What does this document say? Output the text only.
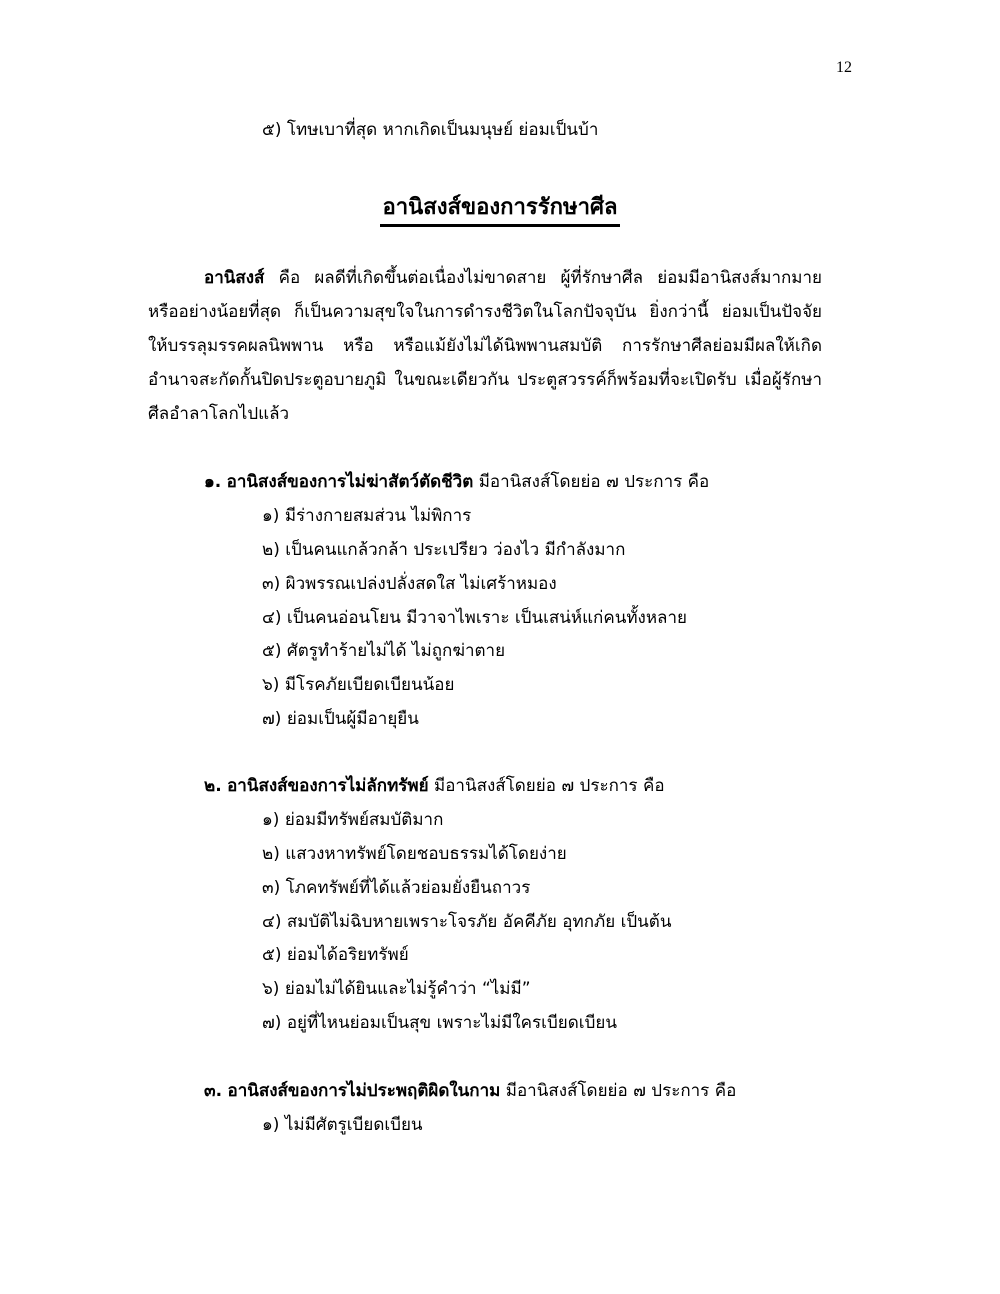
12
๕) โทษเบาที่สุด หากเกิดเป็นมนุษย์ ย่อมเป็นบ้า
อานิสงส์ของการรักษาศีล
อานิสงส์ คือ ผลดีที่เกิดขึ้นต่อเนื่องไม่ขาดสาย ผู้ที่รักษาศีล ย่อมมีอานิสงส์มากมาย
หรืออย่างน้อยที่สุด ก็เป็นความสุขใจในการดำรงชีวิตในโลกปัจจุบัน ยิ่งกว่านี้ ย่อมเป็นปัจจัย
ให้บรรลุมรรคผลนิพพาน หรือ หรือแม้ยังไม่ได้นิพพานสมบัติ การรักษาศีลย่อมมีผลให้เกิด
อำนาจสะกัดกั้นปิดประตูอบายภูมิ ในขณะเดียวกัน ประตูสวรรค์ก็พร้อมที่จะเปิดรับ เมื่อผู้รักษา
ศีลอำลาโลกไปแล้ว
๑. อานิสงส์ของการไม่ฆ่าสัตว์ตัดชีวิต มีอานิสงส์โดยย่อ ๗ ประการ คือ
๑) มีร่างกายสมส่วน ไม่พิการ
๒) เป็นคนแกล้วกล้า ประเปรียว ว่องไว มีกำลังมาก
๓) ผิวพรรณเปล่งปลั่งสดใส ไม่เศร้าหมอง
๔) เป็นคนอ่อนโยน มีวาจาไพเราะ เป็นเสน่ห์แก่คนทั้งหลาย
๕) ศัตรูทำร้ายไม่ได้ ไม่ถูกฆ่าตาย
๖) มีโรคภัยเบียดเบียนน้อย
๗) ย่อมเป็นผู้มีอายุยืน
๒. อานิสงส์ของการไม่ลักทรัพย์ มีอานิสงส์โดยย่อ ๗ ประการ คือ
๑) ย่อมมีทรัพย์สมบัติมาก
๒) แสวงหาทรัพย์โดยชอบธรรมได้โดยง่าย
๓) โภคทรัพย์ที่ได้แล้วย่อมยั่งยืนถาวร
๔) สมบัติไม่ฉิบหายเพราะโจรภัย อัคคีภัย อุทกภัย เป็นต้น
๕) ย่อมได้อริยทรัพย์
๖) ย่อมไม่ได้ยินและไม่รู้คำว่า “ไม่มี”
๗) อยู่ที่ไหนย่อมเป็นสุข เพราะไม่มีใครเบียดเบียน
๓. อานิสงส์ของการไม่ประพฤติผิดในกาม มีอานิสงส์โดยย่อ ๗ ประการ คือ
๑) ไม่มีศัตรูเบียดเบียน
